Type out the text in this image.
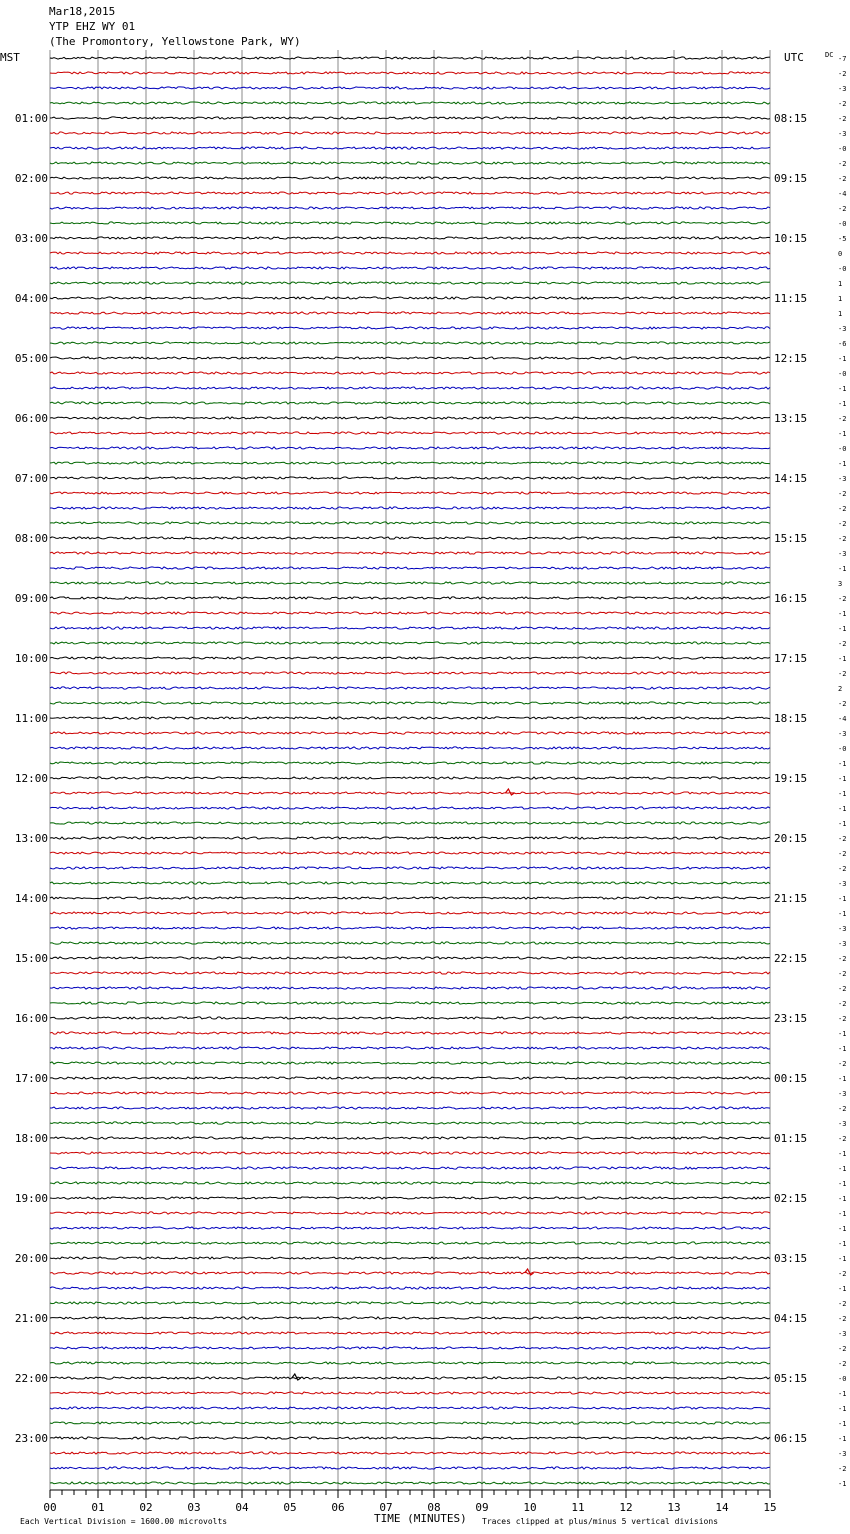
Mar18,2015
YTP EHZ WY 01
(The Promontory, Yellowstone Park, WY)
MST	UTC	DC
TIME (MINUTES)
Each Vertical Division = 1600.00 microvolts	Traces clipped at plus/minus 5 vertical divisions
00	01	02	03	04	05	06	07	08	09	10	11	12	13	14	15
-7
-2
-3
-2
-2
-3
-0
-2
-2
-4
-2
-0
-5
0
-0
1
1
1
-3
-6
-1
-0
-1
-1
-2
-1
-0
-1
-3
-2
-2
-2
-2
-3
-1
3
-2
-1
-1
-2
-1
-2
2
-2
-4
-3
-0
-1
-1
-1
-1
-1
-2
-2
-2
-3
-1
-1
-3
-3
-2
-2
-2
-2
-2
-1
-1
-2
-1
-3
-2
-3
-2
-1
-1
-1
-1
-1
-1
-1
-1
-2
-1
-2
-2
-3
-2
-2
-0
-1
-1
-1
-1
-3
-2
-1
01:00
02:00
03:00
04:00
05:00
06:00
07:00
08:00
09:00
10:00
11:00
12:00
13:00
14:00
15:00
16:00
17:00
18:00
19:00
20:00
21:00
22:00
23:00
08:15
09:15
10:15
11:15
12:15
13:15
14:15
15:15
16:15
17:15
18:15
19:15
20:15
21:15
22:15
23:15
00:15
01:15
02:15
03:15
04:15
05:15
06:15
